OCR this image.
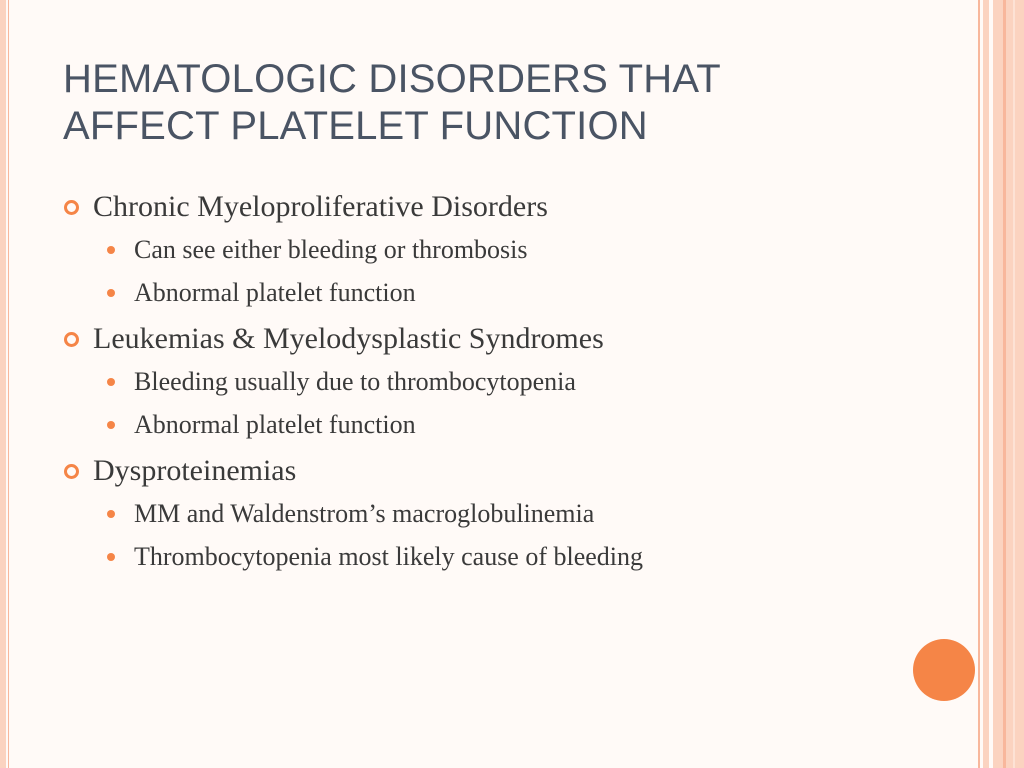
HEMATOLOGIC DISORDERS THAT
AFFECT PLATELET FUNCTION

Chronic Myeloproliferative Disorders

Can see either bleeding or thrombosis

Abnormal platelet function

Leukemias & Myelodysplastic Syndromes

Bleeding usually due to thrombocytopenia

Abnormal platelet function

Dysproteinemias

MM and Waldenstrom’s macroglobulinemia

Thrombocytopenia most likely cause of bleeding
